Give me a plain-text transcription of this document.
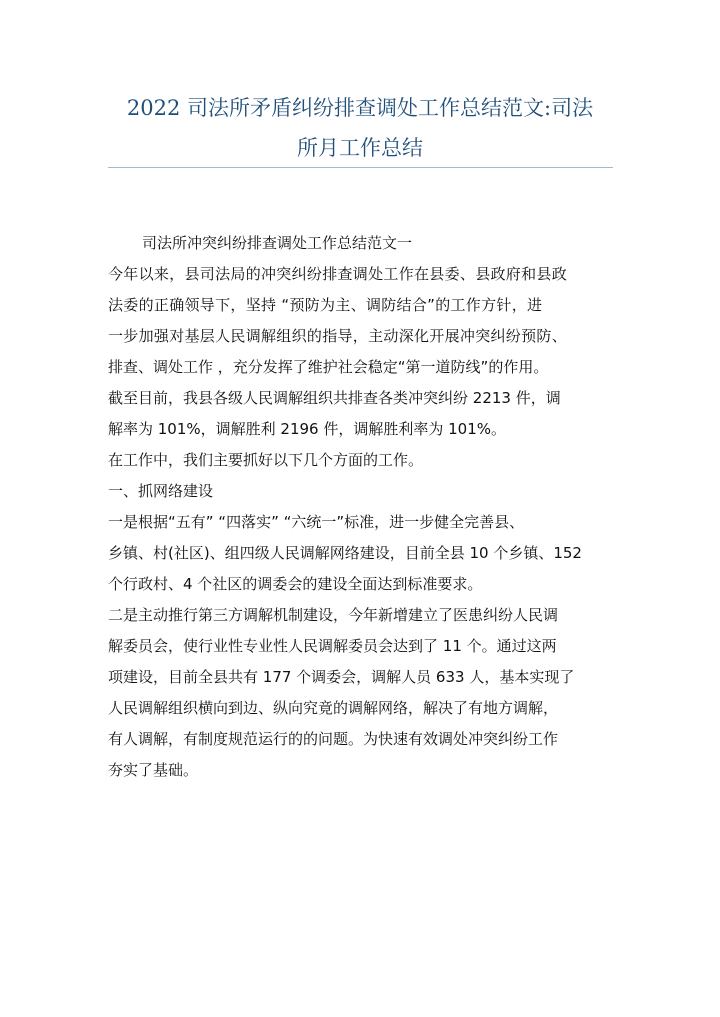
2022 司法所矛盾纠纷排查调处工作总结范文:司法
所月工作总结
司法所冲突纠纷排查调处工作总结范文一
今年以来，县司法局的冲突纠纷排查调处工作在县委、县政府和县政
法委的正确领导下，坚持 “预防为主、调防结合”的工作方针，进
一步加强对基层人民调解组织的指导，主动深化开展冲突纠纷预防、
排查、调处工作 ，充分发挥了维护社会稳定“第一道防线”的作用。
截至目前，我县各级人民调解组织共排查各类冲突纠纷 2213 件，调
解率为 101%，调解胜利 2196 件，调解胜利率为 101%。
在工作中，我们主要抓好以下几个方面的工作。
一、抓网络建设
一是根据“五有” “四落实” “六统一”标准，进一步健全完善县、
乡镇、村(社区)、组四级人民调解网络建设，目前全县 10 个乡镇、152
个行政村、4 个社区的调委会的建设全面达到标准要求。
二是主动推行第三方调解机制建设，今年新增建立了医患纠纷人民调
解委员会，使行业性专业性人民调解委员会达到了 11 个。通过这两
项建设，目前全县共有 177 个调委会，调解人员 633 人，基本实现了
人民调解组织横向到边、纵向究竟的调解网络，解决了有地方调解，
有人调解，有制度规范运行的的问题。为快速有效调处冲突纠纷工作
夯实了基础。
